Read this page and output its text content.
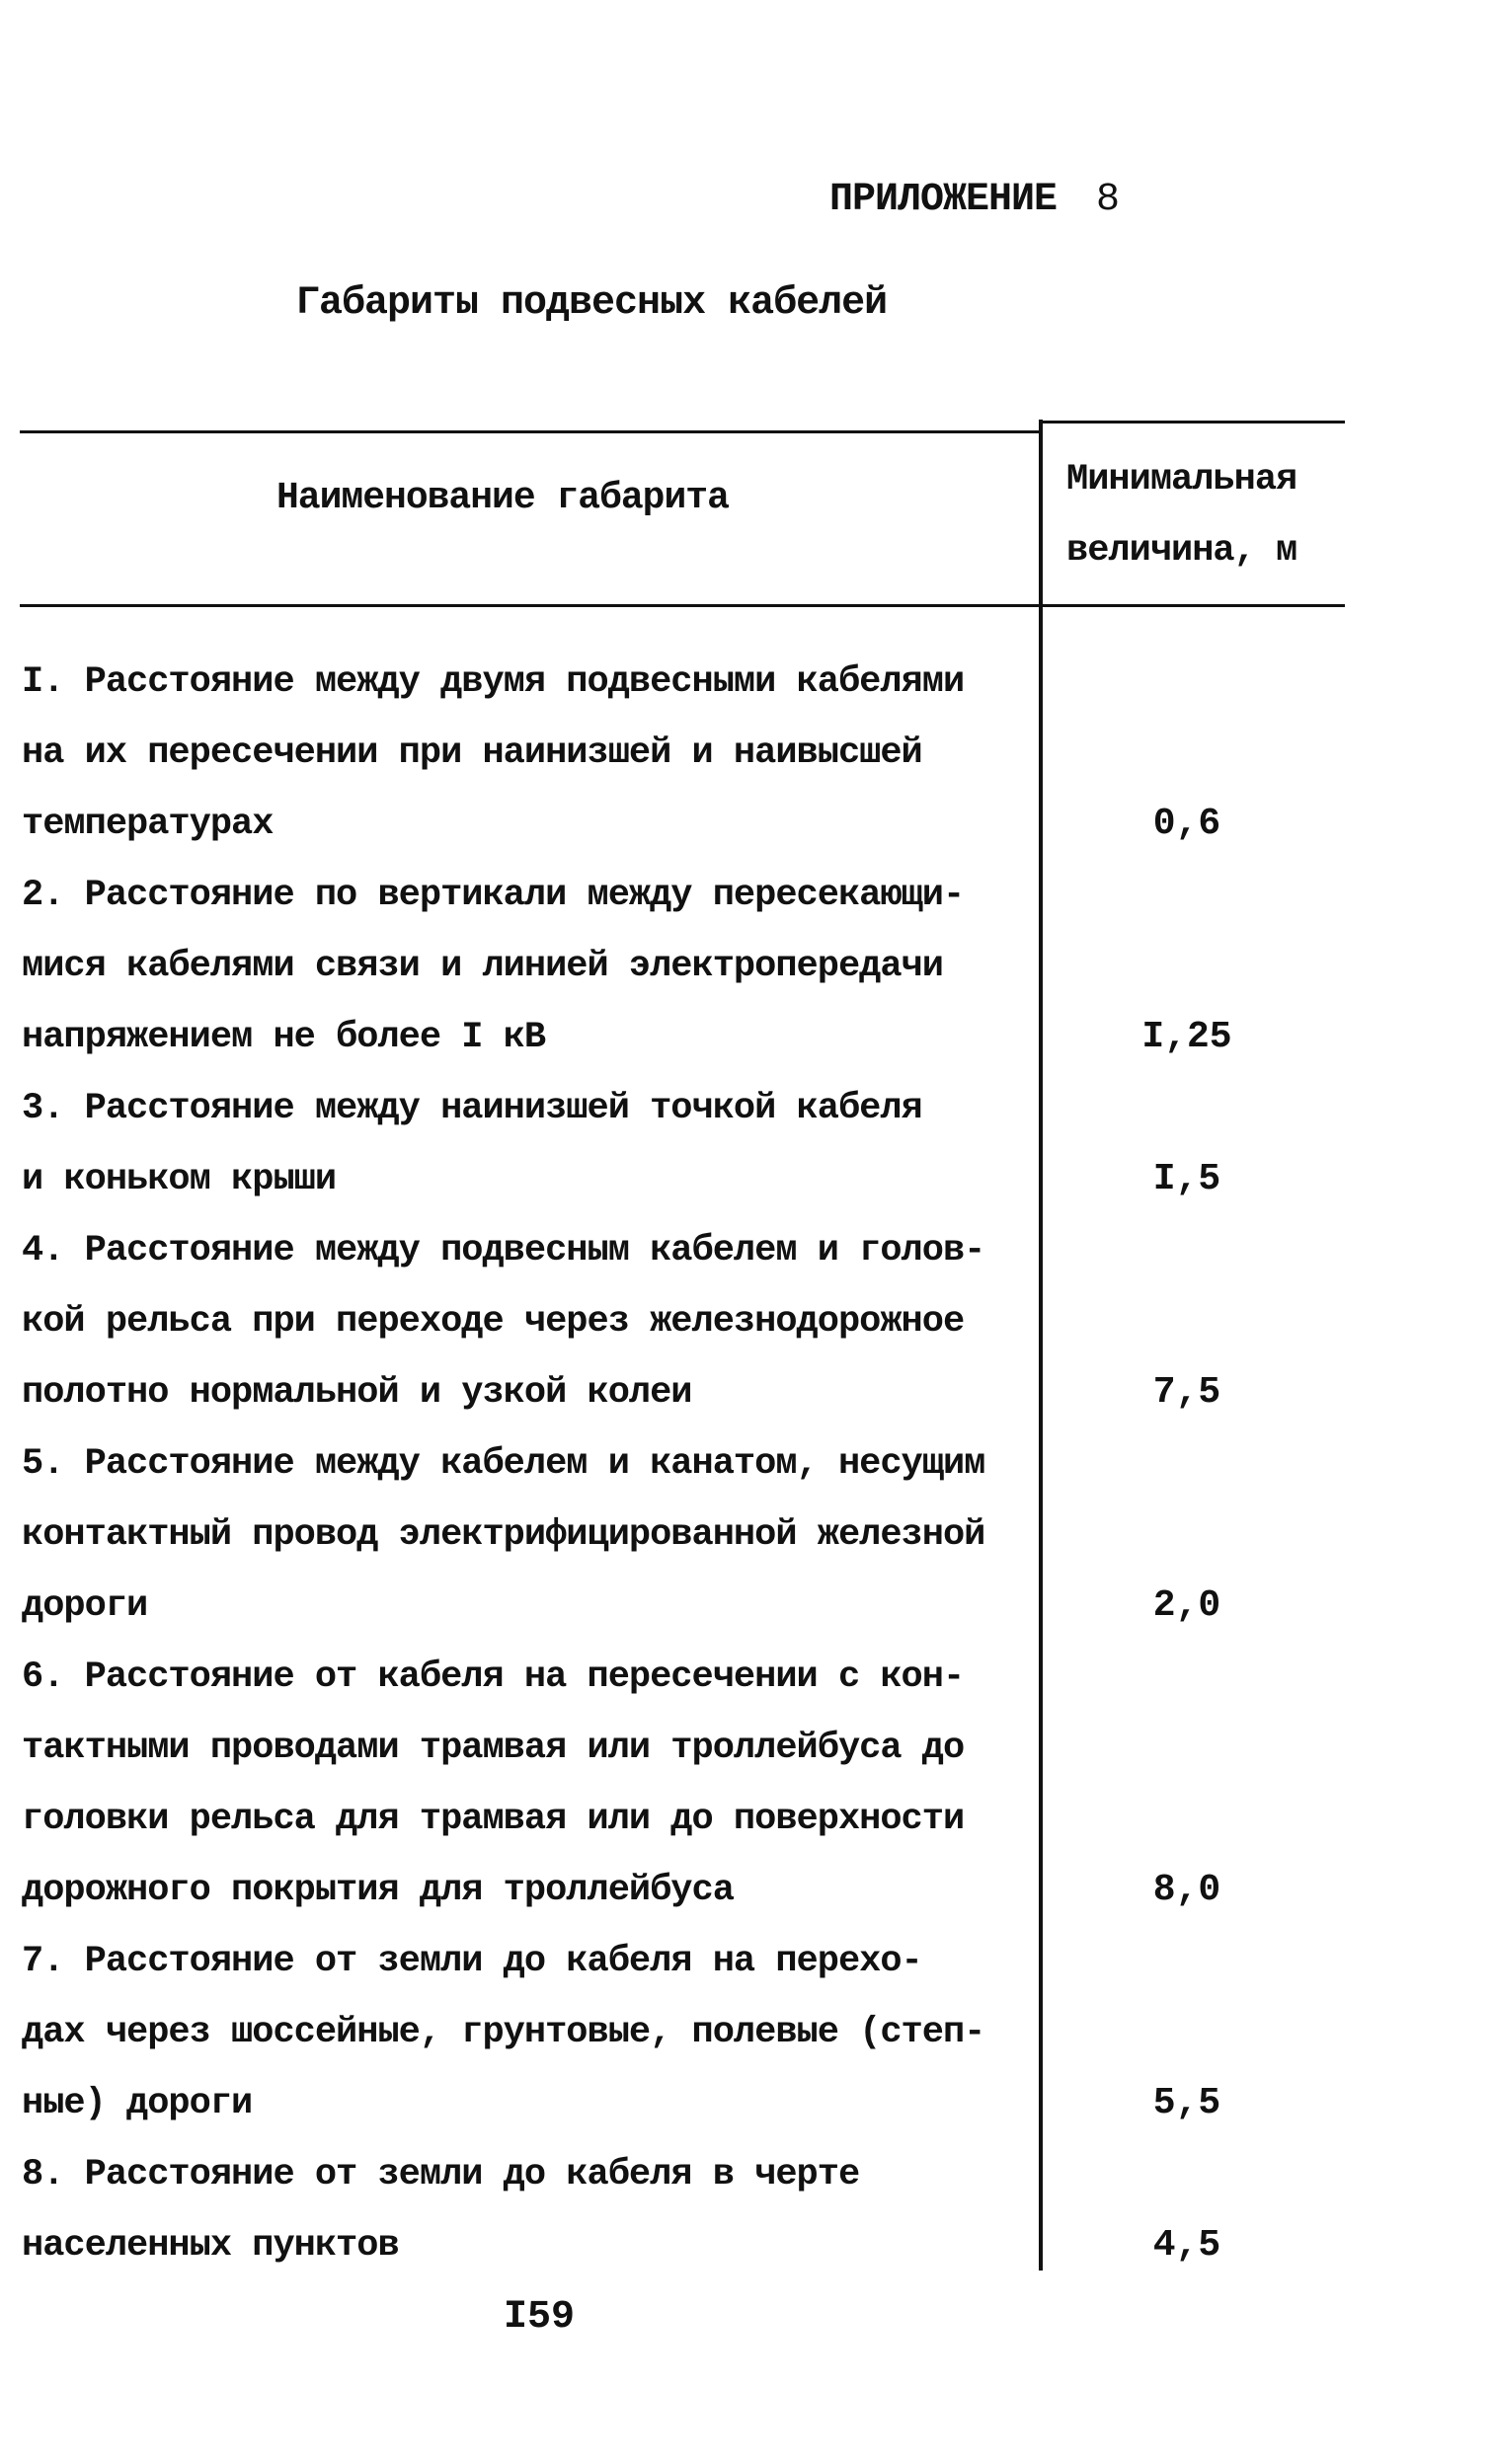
ПРИЛОЖЕНИЕ 8
Габариты подвесных кабелей
Наименование габарита	Минимальная
величина, м
I. Расстояние между двумя подвесными кабелями
на их пересечении при наинизшей и наивысшей
температурах	0,6
2. Расстояние по вертикали между пересекающи-
мися кабелями связи и линией электропередачи
напряжением не более I кВ	I,25
3. Расстояние между наинизшей точкой кабеля
и коньком крыши	I,5
4. Расстояние между подвесным кабелем и голов-
кой рельса при переходе через железнодорожное
полотно нормальной и узкой колеи	7,5
5. Расстояние между кабелем и канатом, несущим
контактный провод электрифицированной железной
дороги	2,0
6. Расстояние от кабеля на пересечении с кон-
тактными проводами трамвая или троллейбуса до
головки рельса для трамвая или до поверхности
дорожного покрытия для троллейбуса	8,0
7. Расстояние от земли до кабеля на перехо-
дах через шоссейные, грунтовые, полевые (степ-
ные) дороги	5,5
8. Расстояние от земли до кабеля в черте
населенных пунктов	4,5
I59
